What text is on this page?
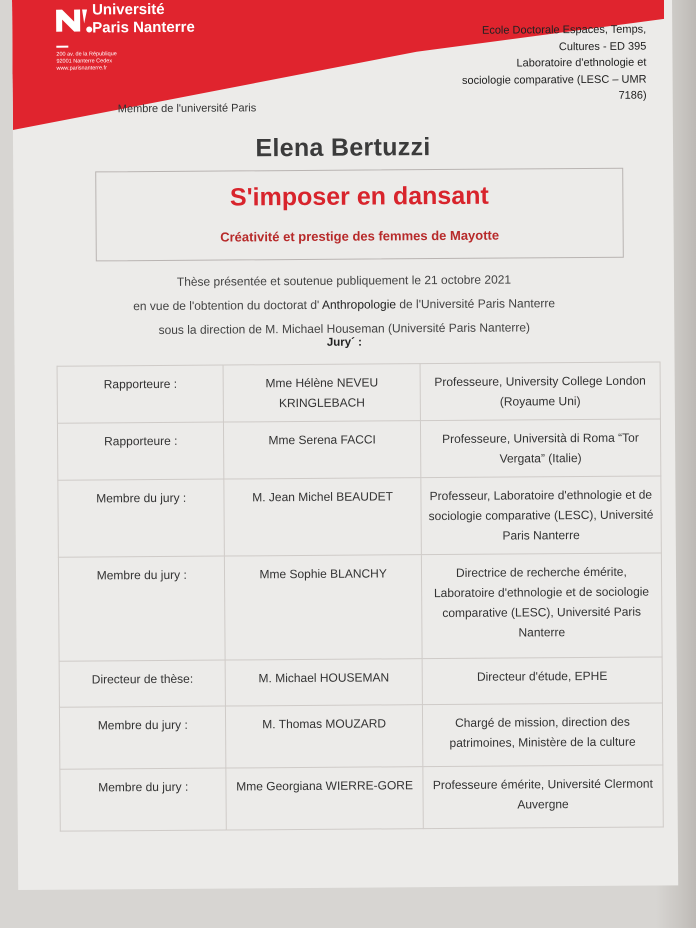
Université
Paris Nanterre
200 av. de la République
92001 Nanterre Cedex
www.parisnanterre.fr
Ecole Doctorale Espaces, Temps,
Cultures - ED 395
Laboratoire d'ethnologie et
sociologie comparative (LESC – UMR
7186)
Membre de l'université Paris
Elena Bertuzzi
S'imposer en dansant
Créativité et prestige des femmes de Mayotte
Thèse présentée et soutenue publiquement le 21 octobre 2021
en vue de l'obtention du doctorat d' Anthropologie de l'Université Paris Nanterre
sous la direction de M. Michael Houseman (Université Paris Nanterre)
Jury´ :
Rapporteure :	Mme Hélène NEVEU KRINGLEBACH	Professeure, University College London (Royaume Uni)
Rapporteure :	Mme Serena FACCI	Professeure, Università di Roma “Tor Vergata” (Italie)
Membre du jury :	M. Jean Michel BEAUDET	Professeur, Laboratoire d'ethnologie et de sociologie comparative (LESC), Université Paris Nanterre
Membre du jury :	Mme Sophie BLANCHY	Directrice de recherche émérite, Laboratoire d'ethnologie et de sociologie comparative (LESC), Université Paris Nanterre
Directeur de thèse:	M. Michael HOUSEMAN	Directeur d'étude, EPHE
Membre du jury :	M. Thomas MOUZARD	Chargé de mission, direction des patrimoines, Ministère de la culture
Membre du jury :	Mme Georgiana WIERRE-GORE	Professeure émérite, Université Clermont Auvergne
